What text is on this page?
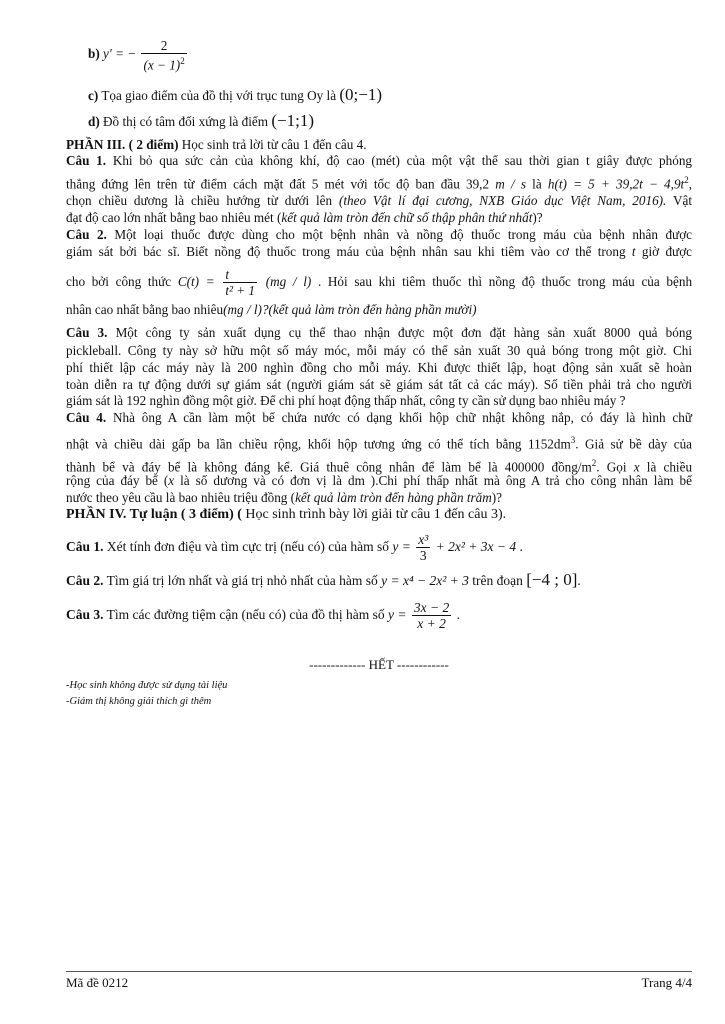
b) y′ = − $\frac{2}{(x - 1)^2}$
c) Tọa giao điểm của đồ thị với trục tung Oy là (0;−1)
d) Đồ thị có tâm đối xứng là điểm (−1;1)
PHẦN III. ( 2 điểm) Học sinh trả lời từ câu 1 đến câu 4.
Câu 1. Khi bỏ qua sức cản của không khí, độ cao (mét) của một vật thể sau thời gian t giây được phóng
thẳng đứng lên trên từ điểm cách mặt đất 5 mét với tốc độ ban đầu 39,2 m / s là $h(t) = 5 + 39,2t - 4,9t^2$,
chọn chiều dương là chiều hướng từ dưới lên (theo Vật lí đại cương, NXB Giáo dục Việt Nam, 2016). Vật
đạt độ cao lớn nhất bằng bao nhiêu mét (kết quả làm tròn đến chữ số thập phân thứ nhất)?
Câu 2. Một loại thuốc được dùng cho một bệnh nhân và nồng độ thuốc trong máu của bệnh nhân được
giám sát bởi bác sĩ. Biết nồng độ thuốc trong máu của bệnh nhân sau khi tiêm vào cơ thể trong t giờ được
cho bởi công thức $C(t) = \frac{t}{\text{t² + 1}} (mg / l)$ . Hỏi sau khi tiêm thuốc thì nồng độ thuốc trong máu của bệnh
nhân cao nhất bằng bao nhiêu(mg / l)?(kết quả làm tròn đến hàng phần mười)
Câu 3. Một công ty sản xuất dụng cụ thể thao nhận được một đơn đặt hàng sản xuất 8000 quả bóng
pickleball. Công ty này sở hữu một số máy móc, mỗi máy có thể sản xuất 30 quả bóng trong một giờ. Chi
phí thiết lập các máy này là 200 nghìn đồng cho mỗi máy. Khi được thiết lập, hoạt động sản xuất sẽ hoàn
toàn diễn ra tự động dưới sự giám sát (người giám sát sẽ giám sát tất cả các máy). Số tiền phải trả cho người
giám sát là 192 nghìn đồng một giờ. Để chi phí hoạt động thấp nhất, công ty cần sử dụng bao nhiêu máy ?
Câu 4. Nhà ông A cần làm một bể chứa nước có dạng khối hộp chữ nhật không nắp, có đáy là hình chữ
nhật và chiều dài gấp ba lần chiều rộng, khối hộp tương ứng có thể tích bằng $1152dm^3$. Giả sử bề dày của
thành bể và đáy bể là không đáng kể. Giá thuê công nhân để làm bể là 400000 đồng/$m^2$. Gọi x là chiều
rộng của đáy bể (x là số dương và có đơn vị là dm ).Chi phí thấp nhất mà ông A trả cho công nhân làm bể
nước theo yêu cầu là bao nhiêu triệu đồng (kết quả làm tròn đến hàng phần trăm)?
PHẦN IV. Tự luận ( 3 điểm) ( Học sinh trình bày lời giải từ câu 1 đến câu 3).
Câu 1. Xét tính đơn điệu và tìm cực trị (nếu có) của hàm số $y = \frac{\text{x³}}{3} + 2x^2 + 3x - 4$ .
Câu 2. Tìm giá trị lớn nhất và giá trị nhỏ nhất của hàm số y = x⁴ − 2x² + 3 trên đoạn [−4 ; 0].
Câu 3. Tìm các đường tiệm cận (nếu có) của đồ thị hàm số $y = \frac{3x - 2}{x + 2}$ .
------------- HẾT ------------
-Học sinh không được sử dụng tài liệu
-Giám thị không giải thích gì thêm
Mã đề 0212	Trang 4/4
